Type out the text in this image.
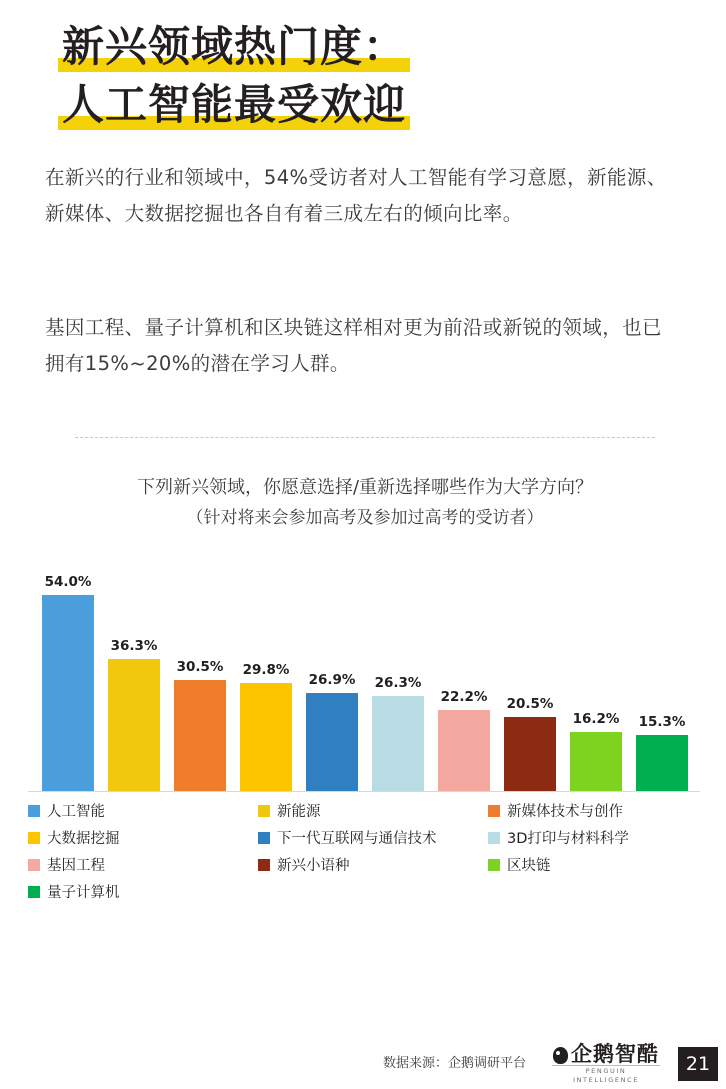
新兴领域热门度：
人工智能最受欢迎
在新兴的行业和领域中，54%受访者对人工智能有学习意愿，新能源、新媒体、大数据挖掘也各自有着三成左右的倾向比率。
基因工程、量子计算机和区块链这样相对更为前沿或新锐的领域，也已拥有15%~20%的潜在学习人群。
下列新兴领域，你愿意选择/重新选择哪些作为大学方向？
（针对将来会参加高考及参加过高考的受访者）
54.0%
36.3%
30.5%	29.8%
26.9%	26.3%
22.2%	20.5%
16.2%	15.3%
人工智能	新能源	新媒体技术与创作
大数据挖掘	下一代互联网与通信技术	3D打印与材料科学
基因工程	新兴小语种	区块链
量子计算机
数据来源：企鹅调研平台	企鹅智酷
PENGUIN INTELLIGENCE
21
